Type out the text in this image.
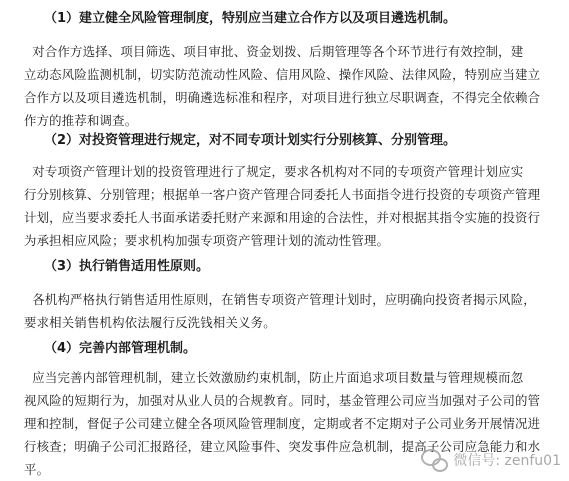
（1）建立健全风险管理制度，特别应当建立合作方以及项目遴选机制。

对合作方选择、项目筛选、项目审批、资金划拨、后期管理等各个环节进行有效控制，建

立动态风险监测机制，切实防范流动性风险、信用风险、操作风险、法律风险，特别应当建立

合作方以及项目遴选机制，明确遴选标准和程序，对项目进行独立尽职调查，不得完全依赖合

作方的推荐和调查。

（2）对投资管理进行规定，对不同专项计划实行分别核算、分别管理。

对专项资产管理计划的投资管理进行了规定，要求各机构对不同的专项资产管理计划应实

行分别核算、分别管理；根据单一客户资产管理合同委托人书面指令进行投资的专项资产管理

计划，应当要求委托人书面承诺委托财产来源和用途的合法性，并对根据其指令实施的投资行

为承担相应风险；要求机构加强专项资产管理计划的流动性管理。

（3）执行销售适用性原则。

各机构严格执行销售适用性原则，在销售专项资产管理计划时，应明确向投资者揭示风险，

要求相关销售机构依法履行反洗钱相关义务。

（4）完善内部管理机制。

应当完善内部管理机制，建立长效激励约束机制，防止片面追求项目数量与管理规模而忽

视风险的短期行为，加强对从业人员的合规教育。同时，基金管理公司应当加强对子公司的管

理和控制，督促子公司建立健全各项风险管理制度，定期或者不定期对子公司业务开展情况进

行核查；明确子公司汇报路径，建立风险事件、突发事件应急机制，提高子公司应急能力和水

平。

微信号: zenfu01
